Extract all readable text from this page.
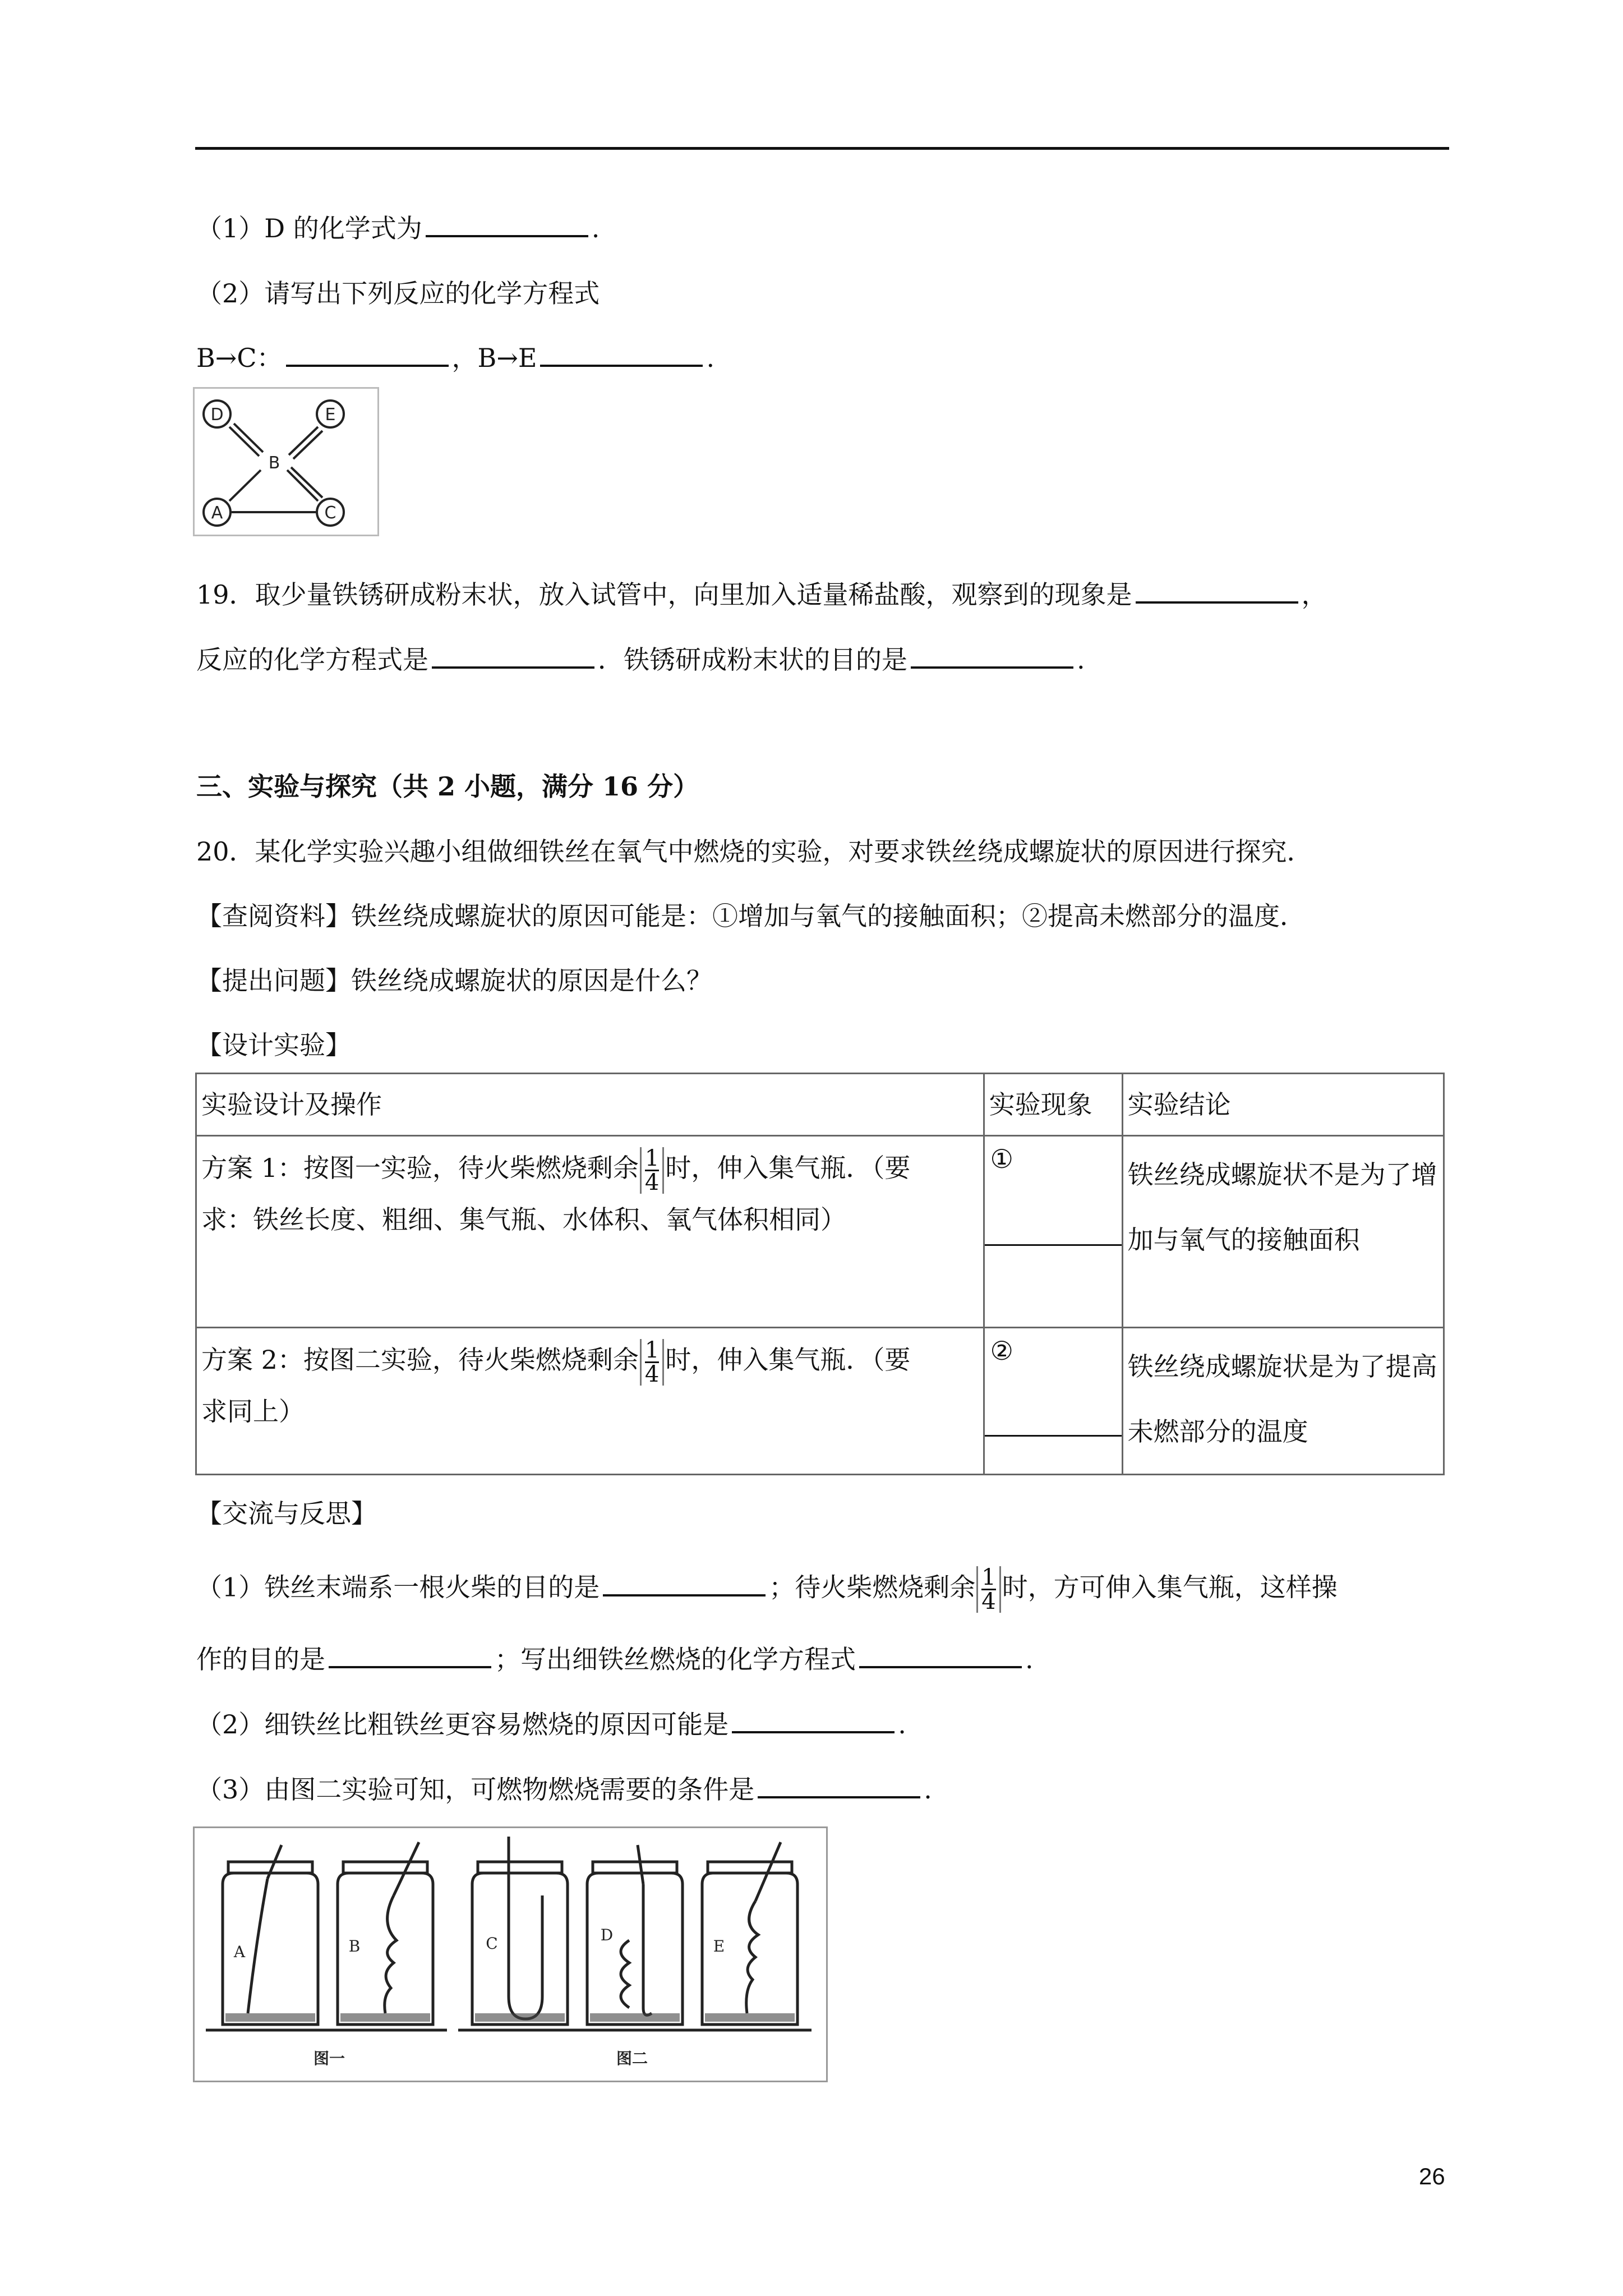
（1）D 的化学式为	.
（2）请写出下列反应的化学方程式
B→C：	，B→E	.
D	E
B
A	C
19．取少量铁锈研成粉末状，放入试管中，向里加入适量稀盐酸，观察到的现象是	，
反应的化学方程式是	．铁锈研成粉末状的目的是	.
三、实验与探究（共 2 小题，满分 16 分）
20．某化学实验兴趣小组做细铁丝在氧气中燃烧的实验，对要求铁丝绕成螺旋状的原因进行探究．
【查阅资料】铁丝绕成螺旋状的原因可能是：①增加与氧气的接触面积；②提高未燃部分的温度．
【提出问题】铁丝绕成螺旋状的原因是什么？
【设计实验】
实验设计及操作	实验现象	实验结论
方案 1：按图一实验，待火柴燃烧剩余 $\frac{1}{4}$ 时，伸入集气瓶．（要
求：铁丝长度、粗细、集气瓶、水体积、氧气体积相同）	①	铁丝绕成螺旋状不是为了增加与氧气的接触面积
方案 2：按图二实验，待火柴燃烧剩余 $\frac{1}{4}$ 时，伸入集气瓶．（要
求同上）	②	铁丝绕成螺旋状是为了提高未燃部分的温度
【交流与反思】
（1）铁丝末端系一根火柴的目的是	；待火柴燃烧剩余 $\frac{1}{4}$ 时，方可伸入集气瓶，这样操
作的目的是	；写出细铁丝燃烧的化学方程式	.
（2）细铁丝比粗铁丝更容易燃烧的原因可能是	.
（3）由图二实验可知，可燃物燃烧需要的条件是	.
A	B	C	D
E
图一	图二
26
